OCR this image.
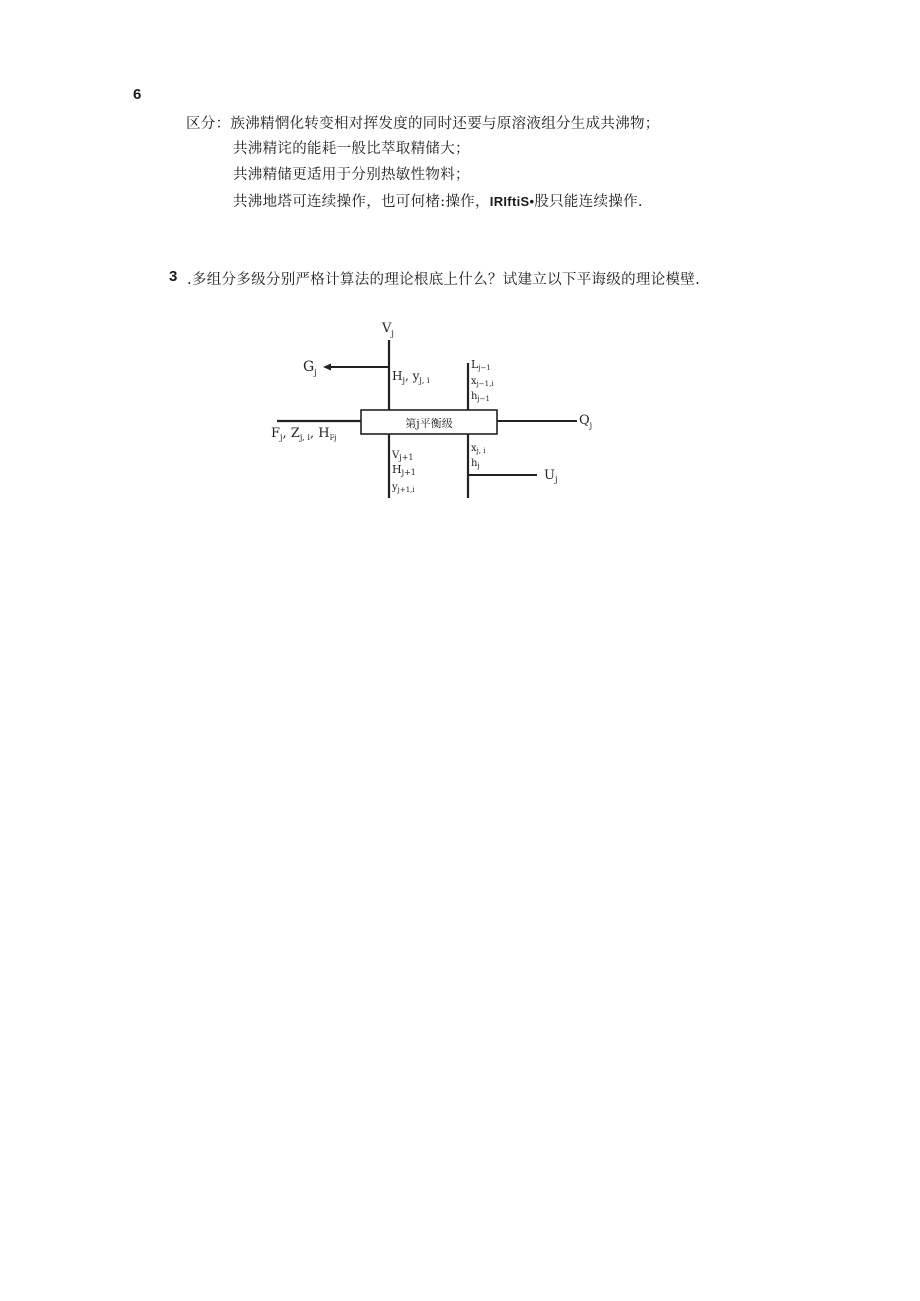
6
区分：族沸精惘化转变相对挥发度的同时还要与原溶液组分生成共沸物；
共沸精诧的能耗一般比萃取精储大；
共沸精储更适用于分别热敏性物料；
共沸地塔可连续操作，也可何楮:操作，IRIftiS•股只能连续操作.
3 .多组分多级分别严格计算法的理论根底上什么？试建立以下平诲级的理论模壁.
第j平衡级
$V_j$
$G_j$	$H_j$, $y_{j, i}$
Lj−1
$x_{j-1,i}$
$h_{j-1}$
$F_j$, $Z_{j, i}$, $H_{Fj}$
$Q_j$
$V_{j+1}$
Hj+1
$y_{j+1,i}$
$x_{j, i}$
$h_j$
$U_j$
